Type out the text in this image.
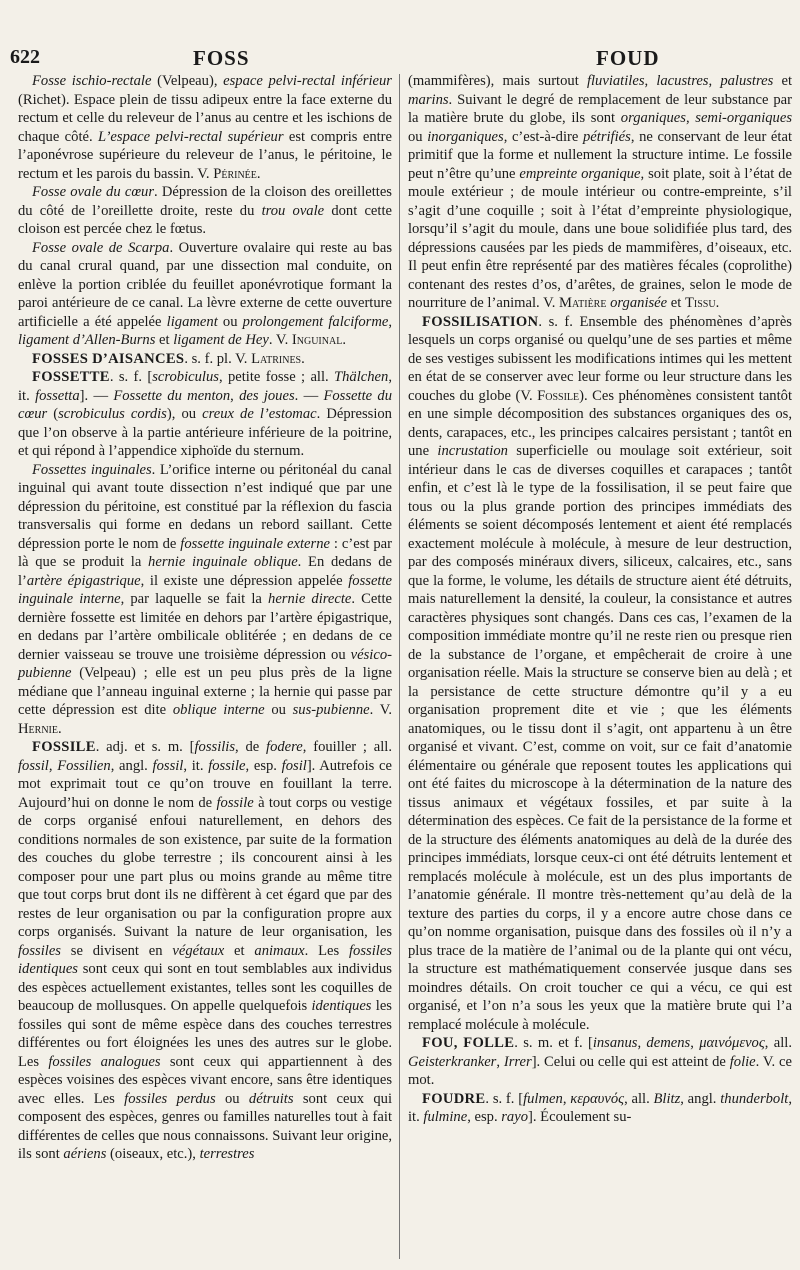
622	FOSS	FOUD

Fosse ischio-rectale (Velpeau), espace pelvi-rectal inférieur (Richet). Espace plein de tissu adipeux entre la face externe du rectum et celle du releveur de l’anus au centre et les ischions de chaque côté. L’espace pelvi-rectal supérieur est compris entre l’aponévrose supérieure du releveur de l’anus, le péritoine, le rectum et les parois du bassin. V. Périnée.

Fosse ovale du cœur. Dépression de la cloison des oreillettes du côté de l’oreillette droite, reste du trou ovale dont cette cloison est percée chez le fœtus.

Fosse ovale de Scarpa. Ouverture ovalaire qui reste au bas du canal crural quand, par une dissection mal conduite, on enlève la portion criblée du feuillet aponévrotique formant la paroi antérieure de ce canal. La lèvre externe de cette ouverture artificielle a été appelée ligament ou prolongement falciforme, ligament d’Allen-Burns et ligament de Hey. V. Inguinal.

FOSSES D’AISANCES. s. f. pl. V. Latrines.

FOSSETTE. s. f. [scrobiculus, petite fosse ; all. Thälchen, it. fossetta]. — Fossette du menton, des joues. — Fossette du cœur (scrobiculus cordis), ou creux de l’estomac. Dépression que l’on observe à la partie antérieure inférieure de la poitrine, et qui répond à l’appendice xiphoïde du sternum.

Fossettes inguinales. L’orifice interne ou péritonéal du canal inguinal qui avant toute dissection n’est indiqué que par une dépression du péritoine, est constitué par la réflexion du fascia transversalis qui forme en dedans un rebord saillant. Cette dépression porte le nom de fossette inguinale externe : c’est par là que se produit la hernie inguinale oblique. En dedans de l’artère épigastrique, il existe une dépression appelée fossette inguinale interne, par laquelle se fait la hernie directe. Cette dernière fossette est limitée en dehors par l’artère épigastrique, en dedans par l’artère ombilicale oblitérée ; en dedans de ce dernier vaisseau se trouve une troisième dépression ou vésico-pubienne (Velpeau) ; elle est un peu plus près de la ligne médiane que l’anneau inguinal externe ; la hernie qui passe par cette dépression est dite oblique interne ou sus-pubienne. V. Hernie.

FOSSILE. adj. et s. m. [fossilis, de fodere, fouiller ; all. fossil, Fossilien, angl. fossil, it. fossile, esp. fosil]. Autrefois ce mot exprimait tout ce qu’on trouve en fouillant la terre. Aujourd’hui on donne le nom de fossile à tout corps ou vestige de corps organisé enfoui naturellement, en dehors des conditions normales de son existence, par suite de la formation des couches du globe terrestre ; ils concourent ainsi à les composer pour une part plus ou moins grande au même titre que tout corps brut dont ils ne diffèrent à cet égard que par des restes de leur organisation ou par la configuration propre aux corps organisés. Suivant la nature de leur organisation, les fossiles se divisent en végétaux et animaux. Les fossiles identiques sont ceux qui sont en tout semblables aux individus des espèces actuellement existantes, telles sont les coquilles de beaucoup de mollusques. On appelle quelquefois identiques les fossiles qui sont de même espèce dans des couches terrestres différentes ou fort éloignées les unes des autres sur le globe. Les fossiles analogues sont ceux qui appartiennent à des espèces voisines des espèces vivant encore, sans être identiques avec elles. Les fossiles perdus ou détruits sont ceux qui composent des espèces, genres ou familles naturelles tout à fait différentes de celles que nous connaissons. Suivant leur origine, ils sont aériens (oiseaux, etc.), terrestres

(mammifères), mais surtout fluviatiles, lacustres, palustres et marins. Suivant le degré de remplacement de leur substance par la matière brute du globe, ils sont organiques, semi-organiques ou inorganiques, c’est-à-dire pétrifiés, ne conservant de leur état primitif que la forme et nullement la structure intime. Le fossile peut n’être qu’une empreinte organique, soit plate, soit à l’état de moule extérieur ; de moule intérieur ou contre-empreinte, s’il s’agit d’une coquille ; soit à l’état d’empreinte physiologique, lorsqu’il s’agit du moule, dans une boue solidifiée plus tard, des dépressions causées par les pieds de mammifères, d’oiseaux, etc. Il peut enfin être représenté par des matières fécales (coprolithe) contenant des restes d’os, d’arêtes, de graines, selon le mode de nourriture de l’animal. V. Matière organisée et Tissu.

FOSSILISATION. s. f. Ensemble des phénomènes d’après lesquels un corps organisé ou quelqu’une de ses parties et même de ses vestiges subissent les modifications intimes qui les mettent en état de se conserver avec leur forme ou leur structure dans les couches du globe (V. Fossile). Ces phénomènes consistent tantôt en une simple décomposition des substances organiques des os, dents, carapaces, etc., les principes calcaires persistant ; tantôt en une incrustation superficielle ou moulage soit extérieur, soit intérieur dans le cas de diverses coquilles et carapaces ; tantôt enfin, et c’est là le type de la fossilisation, il se peut faire que tous ou la plus grande portion des principes immédiats des éléments se soient décomposés lentement et aient été remplacés exactement molécule à molécule, à mesure de leur destruction, par des composés minéraux divers, siliceux, calcaires, etc., sans que la forme, le volume, les détails de structure aient été détruits, mais naturellement la densité, la couleur, la consistance et autres caractères physiques sont changés. Dans ces cas, l’examen de la composition immédiate montre qu’il ne reste rien ou presque rien de la substance de l’organe, et empêcherait de croire à une organisation réelle. Mais la structure se conserve bien au delà ; et la persistance de cette structure démontre qu’il y a eu organisation proprement dite et vie ; que les éléments anatomiques, ou le tissu dont il s’agit, ont appartenu à un être organisé et vivant. C’est, comme on voit, sur ce fait d’anatomie élémentaire ou générale que reposent toutes les applications qui ont été faites du microscope à la détermination de la nature des tissus animaux et végétaux fossiles, et par suite à la détermination des espèces. Ce fait de la persistance de la forme et de la structure des éléments anatomiques au delà de la durée des principes immédiats, lorsque ceux-ci ont été détruits lentement et remplacés molécule à molécule, est un des plus importants de l’anatomie générale. Il montre très-nettement qu’au delà de la texture des parties du corps, il y a encore autre chose dans ce qu’on nomme organisation, puisque dans des fossiles où il n’y a plus trace de la matière de l’animal ou de la plante qui ont vécu, la structure est mathématiquement conservée jusque dans ses moindres détails. On croit toucher ce qui a vécu, ce qui est organisé, et l’on n’a sous les yeux que la matière brute qui l’a remplacé molécule à molécule.

FOU, FOLLE. s. m. et f. [insanus, demens, μαινόμενος, all. Geisterkranker, Irrer]. Celui ou celle qui est atteint de folie. V. ce mot.

FOUDRE. s. f. [fulmen, κεραυνός, all. Blitz, angl. thunderbolt, it. fulmine, esp. rayo]. Écoulement su-
